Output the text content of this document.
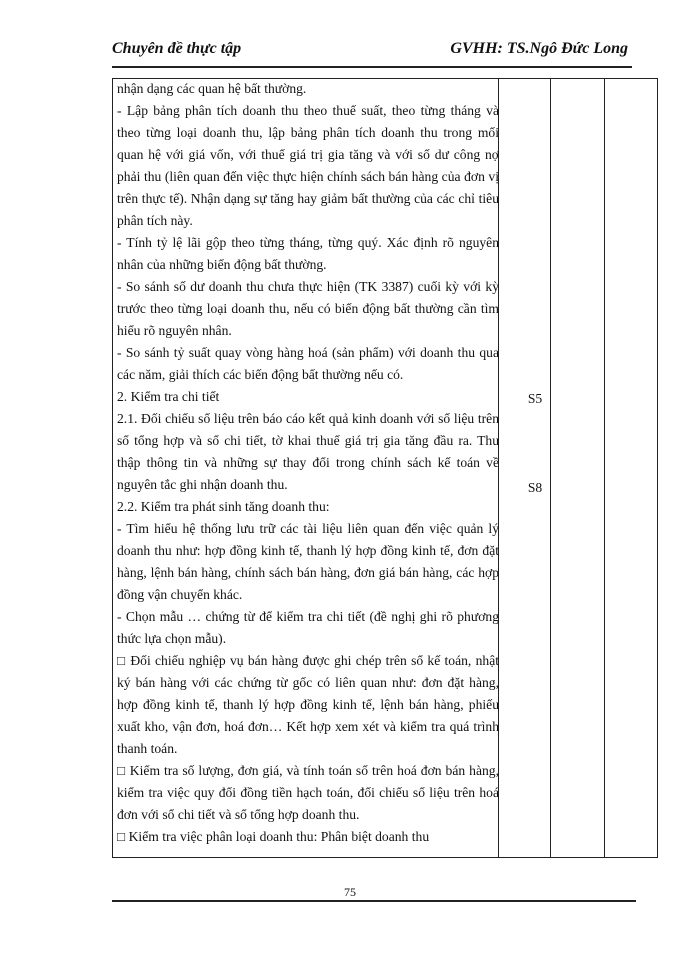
Chuyên đề thực tập	GVHH: TS.Ngô Đức Long

nhận dạng các quan hệ bất thường.

- Lập bảng phân tích doanh thu theo thuế suất, theo từng tháng và theo từng loại doanh thu, lập bảng phân tích doanh thu trong mối quan hệ với giá vốn, với thuế giá trị gia tăng và với số dư công nợ phải thu (liên quan đến việc thực hiện chính sách bán hàng của đơn vị trên thực tế). Nhận dạng sự tăng hay giảm bất thường của các chỉ tiêu phân tích này.

- Tính tỷ lệ lãi gộp theo từng tháng, từng quý. Xác định rõ nguyên nhân của những biến động bất thường.

- So sánh số dư doanh thu chưa thực hiện (TK 3387) cuối kỳ với kỳ trước theo từng loại doanh thu, nếu có biến động bất thường cần tìm hiểu rõ nguyên nhân.

- So sánh tỷ suất quay vòng hàng hoá (sản phẩm) với doanh thu qua các năm, giải thích các biến động bất thường nếu có.

2. Kiểm tra chi tiết

2.1. Đối chiếu số liệu trên báo cáo kết quả kinh doanh với số liệu trên sổ tổng hợp và sổ chi tiết, tờ khai thuế giá trị gia tăng đầu ra. Thu thập thông tin và những sự thay đổi trong chính sách kế toán về nguyên tắc ghi nhận doanh thu.

2.2. Kiểm tra phát sinh tăng doanh thu:

- Tìm hiểu hệ thống lưu trữ các tài liệu liên quan đến việc quản lý doanh thu như: hợp đồng kinh tế, thanh lý hợp đồng kinh tế, đơn đặt hàng, lệnh bán hàng, chính sách bán hàng, đơn giá bán hàng, các hợp đồng vận chuyển khác.

- Chọn mẫu … chứng từ để kiểm tra chi tiết (đề nghị ghi rõ phương thức lựa chọn mẫu).

□ Đối chiếu nghiệp vụ bán hàng được ghi chép trên sổ kế toán, nhật ký bán hàng với các chứng từ gốc có liên quan như: đơn đặt hàng, hợp đồng kinh tế, thanh lý hợp đồng kinh tế, lệnh bán hàng, phiếu xuất kho, vận đơn, hoá đơn… Kết hợp xem xét và kiểm tra quá trình thanh toán.

□ Kiểm tra số lượng, đơn giá, và tính toán số trên hoá đơn bán hàng, kiểm tra việc quy đổi đồng tiền hạch toán, đối chiếu số liệu trên hoá đơn với sổ chi tiết và sổ tổng hợp doanh thu.

□ Kiểm tra việc phân loại doanh thu: Phân biệt doanh thu

S5
S8
75
